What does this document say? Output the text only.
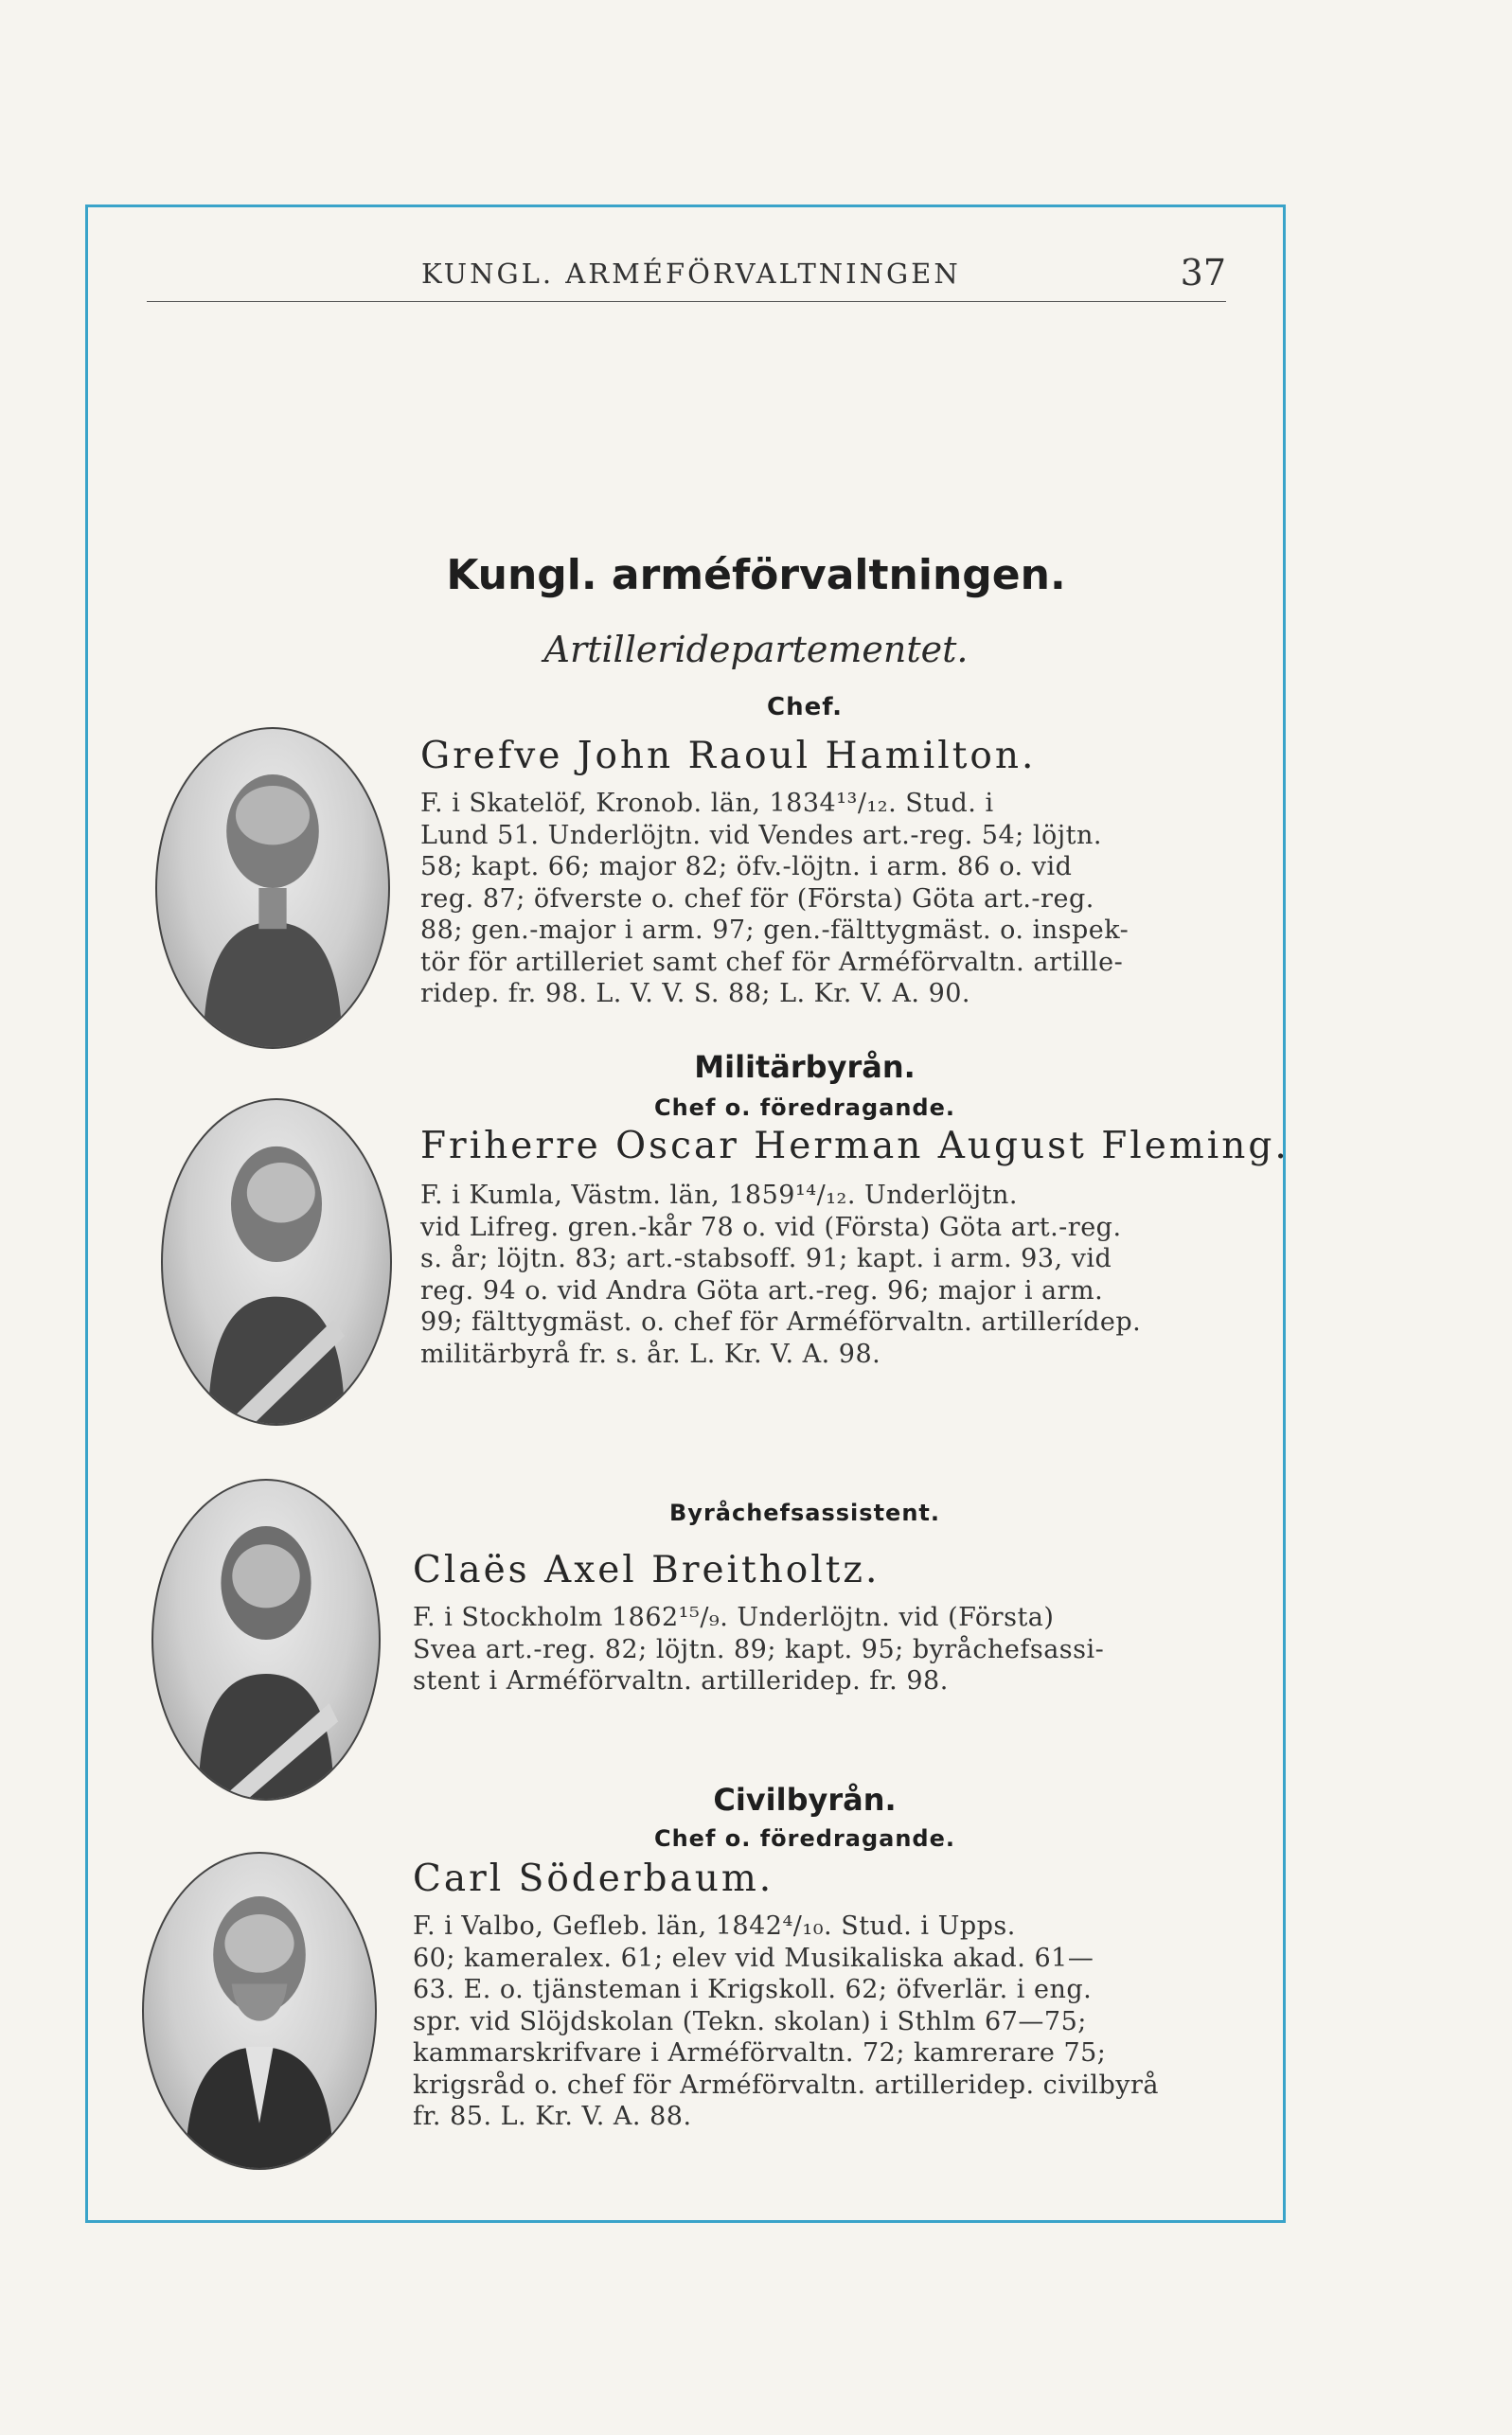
KUNGL. ARMÉFÖRVALTNINGEN	37
Kungl. arméförvaltningen.
Artilleridepartementet.
Chef.
Grefve John Raoul Hamilton.

F. i Skatelöf, Kronob. län, 1834¹³/₁₂. Stud. i

Lund 51. Underlöjtn. vid Vendes art.-reg. 54; löjtn.

58; kapt. 66; major 82; öfv.-löjtn. i arm. 86 o. vid

reg. 87; öfverste o. chef för (Första) Göta art.-reg.

88; gen.-major i arm. 97; gen.-fälttygmäst. o. inspek-

tör för artilleriet samt chef för Arméförvaltn. artille-

ridep. fr. 98. L. V. V. S. 88; L. Kr. V. A. 90.

Militärbyrån.
Chef o. föredragande.
Friherre Oscar Herman August Fleming.

F. i Kumla, Västm. län, 1859¹⁴/₁₂. Underlöjtn.

vid Lifreg. gren.-kår 78 o. vid (Första) Göta art.-reg.

s. år; löjtn. 83; art.-stabsoff. 91; kapt. i arm. 93, vid

reg. 94 o. vid Andra Göta art.-reg. 96; major i arm.

99; fälttygmäst. o. chef för Arméförvaltn. artillerídep.

militärbyrå fr. s. år. L. Kr. V. A. 98.

Byråchefsassistent.
Claës Axel Breitholtz.

F. i Stockholm 1862¹⁵/₉. Underlöjtn. vid (Första)

Svea art.-reg. 82; löjtn. 89; kapt. 95; byråchefsassi-

stent i Arméförvaltn. artilleridep. fr. 98.

Civilbyrån.
Chef o. föredragande.
Carl Söderbaum.

F. i Valbo, Gefleb. län, 1842⁴/₁₀. Stud. i Upps.

60; kameralex. 61; elev vid Musikaliska akad. 61—

63. E. o. tjänsteman i Krigskoll. 62; öfverlär. i eng.

spr. vid Slöjdskolan (Tekn. skolan) i Sthlm 67—75;

kammarskrifvare i Arméförvaltn. 72; kamrerare 75;

krigsråd o. chef för Arméförvaltn. artilleridep. civilbyrå

fr. 85. L. Kr. V. A. 88.
